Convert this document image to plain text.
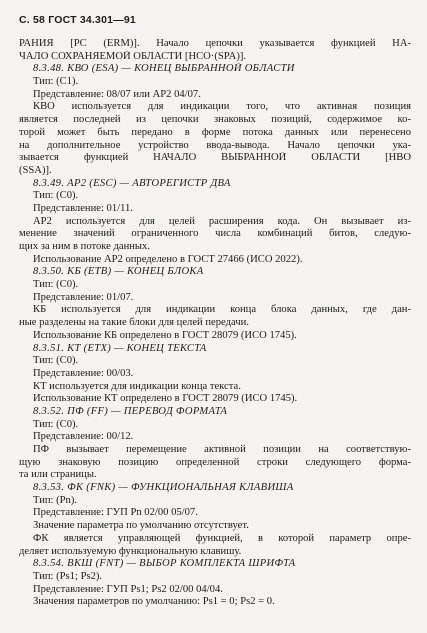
С. 58 ГОСТ 34.301—91
РАНИЯ [PC (ERM)]. Начало цепочки указывается функцией НА-
ЧАЛО СОХРАНЯЕМОЙ ОБЛАСТИ [НСО·(SPA)].
8.3.48. КВО (ESA) — КОНЕЦ ВЫБРАННОЙ ОБЛАСТИ
Тип: (С1).
Представление: 08/07 или АР2 04/07.
КВО используется для индикации того, что активная позиция
является последней из цепочки знаковых позиций, содержимое ко-
торой может быть передано в форме потока данных или перенесено
на дополнительное устройство ввода-вывода. Начало цепочки ука-
зывается функцией НАЧАЛО ВЫБРАННОЙ ОБЛАСТИ [НВО
(SSA)].
8.3.49. АР2 (ESC) — АВТОРЕГИСТР ДВА
Тип: (С0).
Представление: 01/11.
АР2 используется для целей расширения кода. Он вызывает из-
менение значений ограниченного числа комбинаций битов, следую-
щих за ним в потоке данных.
Использование АР2 определено в ГОСТ 27466 (ИСО 2022).
8.3.50. КБ (ETB) — КОНЕЦ БЛОКА
Тип: (С0).
Представление: 01/07.
КБ используется для индикации конца блока данных, где дан-
ные разделены на такие блоки для целей передачи.
Использование КБ определено в ГОСТ 28079 (ИСО 1745).
8.3.51. КТ (ETX) — КОНЕЦ ТЕКСТА
Тип: (С0).
Представление: 00/03.
КТ используется для индикации конца текста.
Использование КТ определено в ГОСТ 28079 (ИСО 1745).
8.3.52. ПФ (FF) — ПЕРЕВОД ФОРМАТА
Тип: (С0).
Представление: 00/12.
ПФ вызывает перемещение активной позиции на соответствую-
щую знаковую позицию определенной строки следующего форма-
та или страницы.
8.3.53. ФК (FNK) — ФУНКЦИОНАЛЬНАЯ КЛАВИША
Тип: (Рn).
Представление: ГУП Рn 02/00 05/07.
Значение параметра по умолчанию отсутствует.
ФК является управляющей функцией, в которой параметр опре-
деляет используемую функциональную клавишу.
8.3.54. ВКШ (FNT) — ВЫБОР КОМПЛЕКТА ШРИФТА
Тип: (Рs1; Рs2).
Представление: ГУП Рs1; Рs2 02/00 04/04.
Значения параметров по умолчанию: Рs1 = 0; Рs2 = 0.
